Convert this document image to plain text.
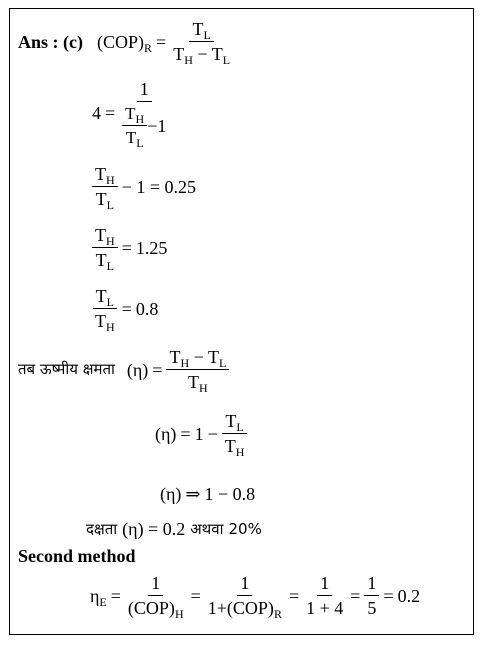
Ans : (c) $(COP)_R = \frac{T_L}{T_H - T_L}$
$4 = \frac{1}{\frac{T_H}{T_L} -1}$
$\frac{T_H}{T_L} - 1 = 0.25$
$\frac{T_H}{T_L} = 1.25$
$\frac{T_L}{T_H} = 0.8$
तब ऊष्मीय क्षमता $(\eta) = \frac{T_H - T_L}{T_H}$
$(\eta) = 1 - \frac{T_L}{T_H}$
(η) ⇒ 1 − 0.8
दक्षता (η) = 0.2 अथवा 20%
Second method
$\eta_E = \frac{1}{(COP)_H} = \frac{1}{1+(COP)_R} = \frac{1}{1 + 4} = \frac{1}{5} = 0.2$
